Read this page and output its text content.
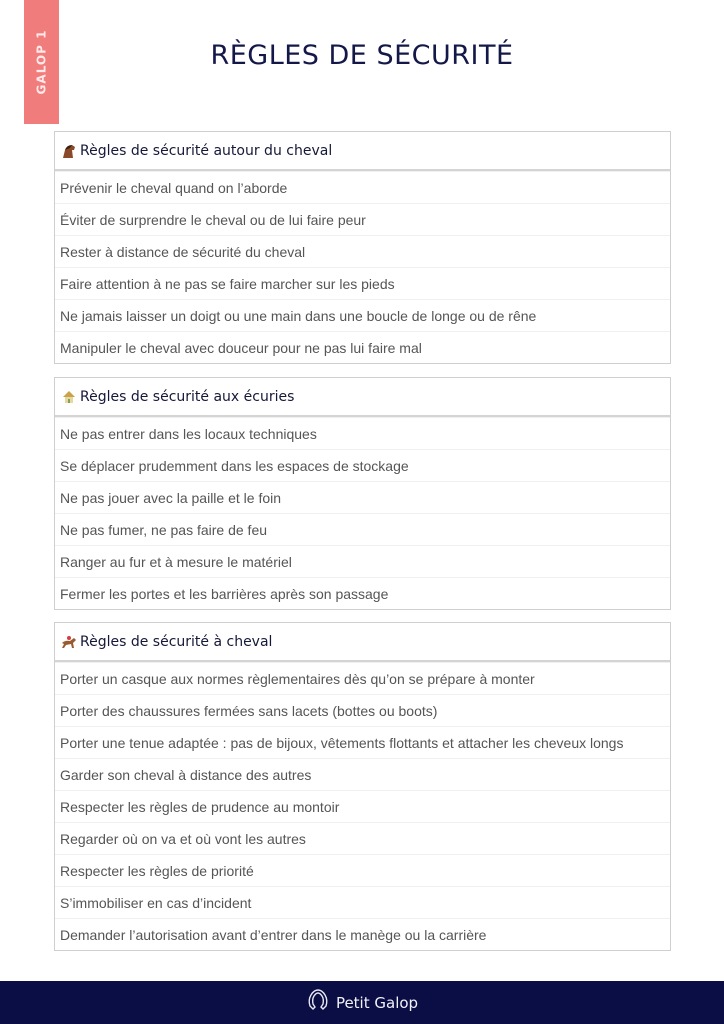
GALOP 1	RÈGLES DE SÉCURITÉ
Règles de sécurité autour du cheval
Prévenir le cheval quand on l’aborde
Éviter de surprendre le cheval ou de lui faire peur
Rester à distance de sécurité du cheval
Faire attention à ne pas se faire marcher sur les pieds
Ne jamais laisser un doigt ou une main dans une boucle de longe ou de rêne
Manipuler le cheval avec douceur pour ne pas lui faire mal
Règles de sécurité aux écuries
Ne pas entrer dans les locaux techniques
Se déplacer prudemment dans les espaces de stockage
Ne pas jouer avec la paille et le foin
Ne pas fumer, ne pas faire de feu
Ranger au fur et à mesure le matériel
Fermer les portes et les barrières après son passage
Règles de sécurité à cheval
Porter un casque aux normes règlementaires dès qu’on se prépare à monter
Porter des chaussures fermées sans lacets (bottes ou boots)
Porter une tenue adaptée : pas de bijoux, vêtements flottants et attacher les cheveux longs
Garder son cheval à distance des autres
Respecter les règles de prudence au montoir
Regarder où on va et où vont les autres
Respecter les règles de priorité
S’immobiliser en cas d’incident
Demander l’autorisation avant d’entrer dans le manège ou la carrière
Petit Galop
